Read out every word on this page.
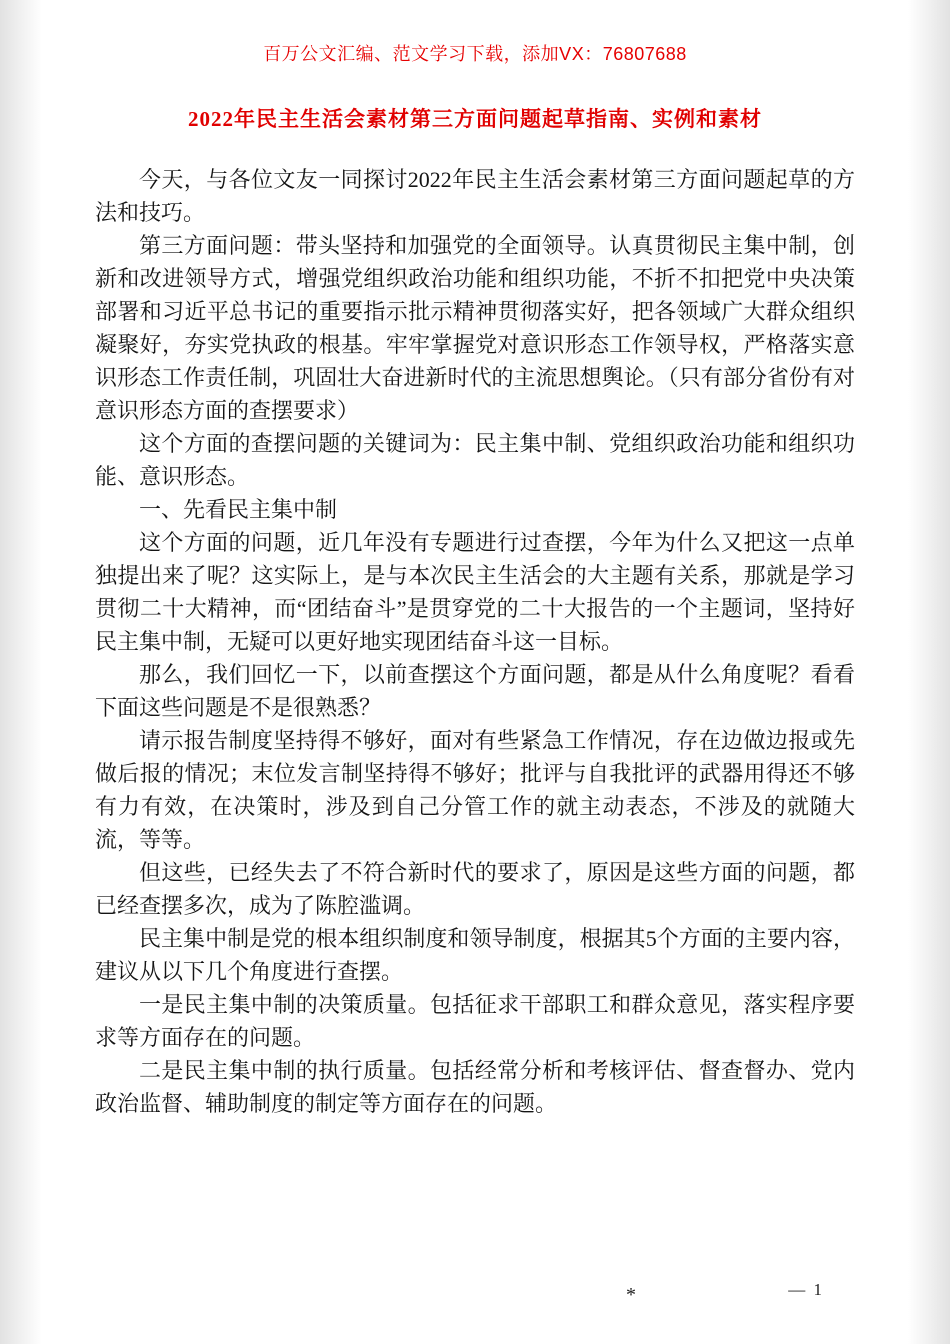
百万公文汇编、范文学习下载，添加VX：76807688
2022年民主生活会素材第三方面问题起草指南、实例和素材

今天，与各位文友一同探讨2022年民主生活会素材第三方面问题起草的方法和技巧。

第三方面问题：带头坚持和加强党的全面领导。认真贯彻民主集中制，创新和改进领导方式，增强党组织政治功能和组织功能，不折不扣把党中央决策部署和习近平总书记的重要指示批示精神贯彻落实好，把各领域广大群众组织凝聚好，夯实党执政的根基。牢牢掌握党对意识形态工作领导权，严格落实意识形态工作责任制，巩固壮大奋进新时代的主流思想舆论。（只有部分省份有对意识形态方面的查摆要求）

这个方面的查摆问题的关键词为：民主集中制、党组织政治功能和组织功能、意识形态。

一、先看民主集中制

这个方面的问题，近几年没有专题进行过查摆，今年为什么又把这一点单独提出来了呢？这实际上，是与本次民主生活会的大主题有关系，那就是学习贯彻二十大精神，而“团结奋斗”是贯穿党的二十大报告的一个主题词，坚持好民主集中制，无疑可以更好地实现团结奋斗这一目标。

那么，我们回忆一下，以前查摆这个方面问题，都是从什么角度呢？看看下面这些问题是不是很熟悉？

请示报告制度坚持得不够好，面对有些紧急工作情况，存在边做边报或先做后报的情况；末位发言制坚持得不够好；批评与自我批评的武器用得还不够有力有效，在决策时，涉及到自己分管工作的就主动表态，不涉及的就随大流，等等。

但这些，已经失去了不符合新时代的要求了，原因是这些方面的问题，都已经查摆多次，成为了陈腔滥调。

民主集中制是党的根本组织制度和领导制度，根据其5个方面的主要内容，建议从以下几个角度进行查摆。

一是民主集中制的决策质量。包括征求干部职工和群众意见，落实程序要求等方面存在的问题。

二是民主集中制的执行质量。包括经常分析和考核评估、督查督办、党内政治监督、辅助制度的制定等方面存在的问题。

*	— 1
